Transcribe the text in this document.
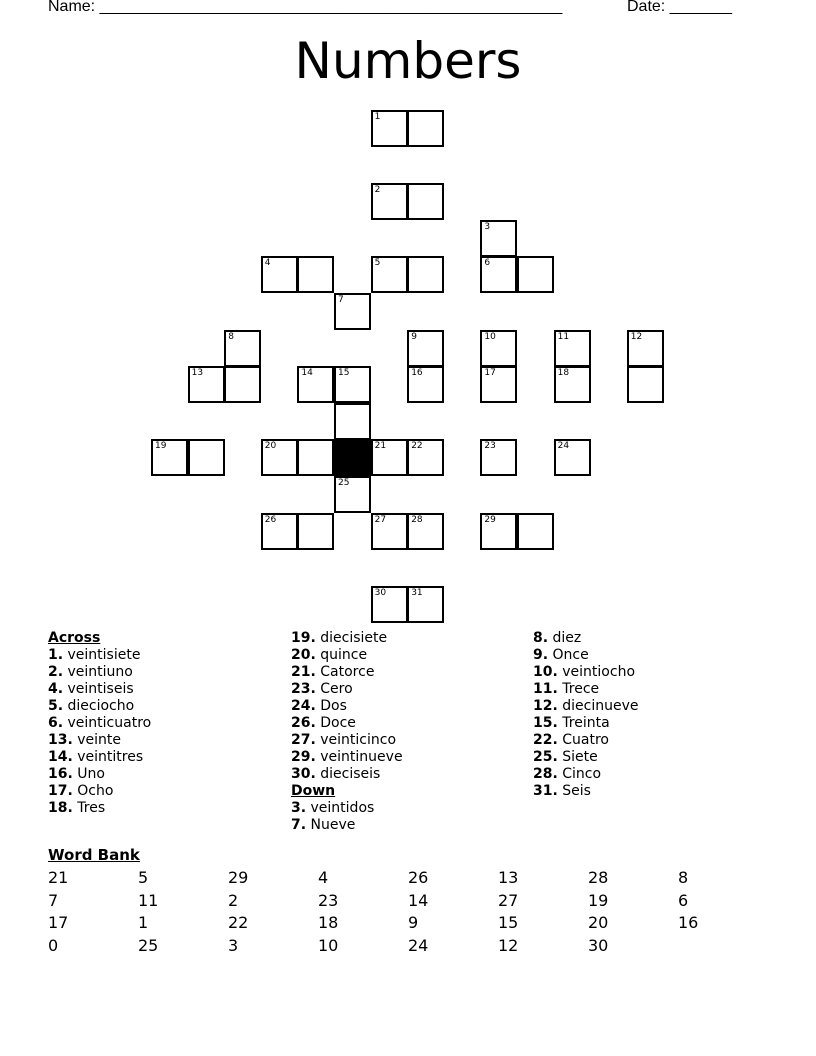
Name: ____________________________________________________	Date: _______
Numbers
1
2
3
4	5	6
7
8	9	10	11	12
13	14	15	16	17	18
19	20	21	22	23	24
25
26	27	28	29
30	31
Across
1. veintisiete
2. veintiuno
4. veintiseis
5. dieciocho
6. veinticuatro
13. veinte
14. veintitres
16. Uno
17. Ocho
18. Tres
19. diecisiete
20. quince
21. Catorce
23. Cero
24. Dos
26. Doce
27. veinticinco
29. veintinueve
30. dieciseis
Down
3. veintidos
7. Nueve
8. diez
9. Once
10. veintiocho
11. Trece
12. diecinueve
15. Treinta
22. Cuatro
25. Siete
28. Cinco
31. Seis
Word Bank
21	5	29	4	26	13	28	8
7	11	2	23	14	27	19	6
17	1	22	18	9	15	20	16
0	25	3	10	24	12	30
